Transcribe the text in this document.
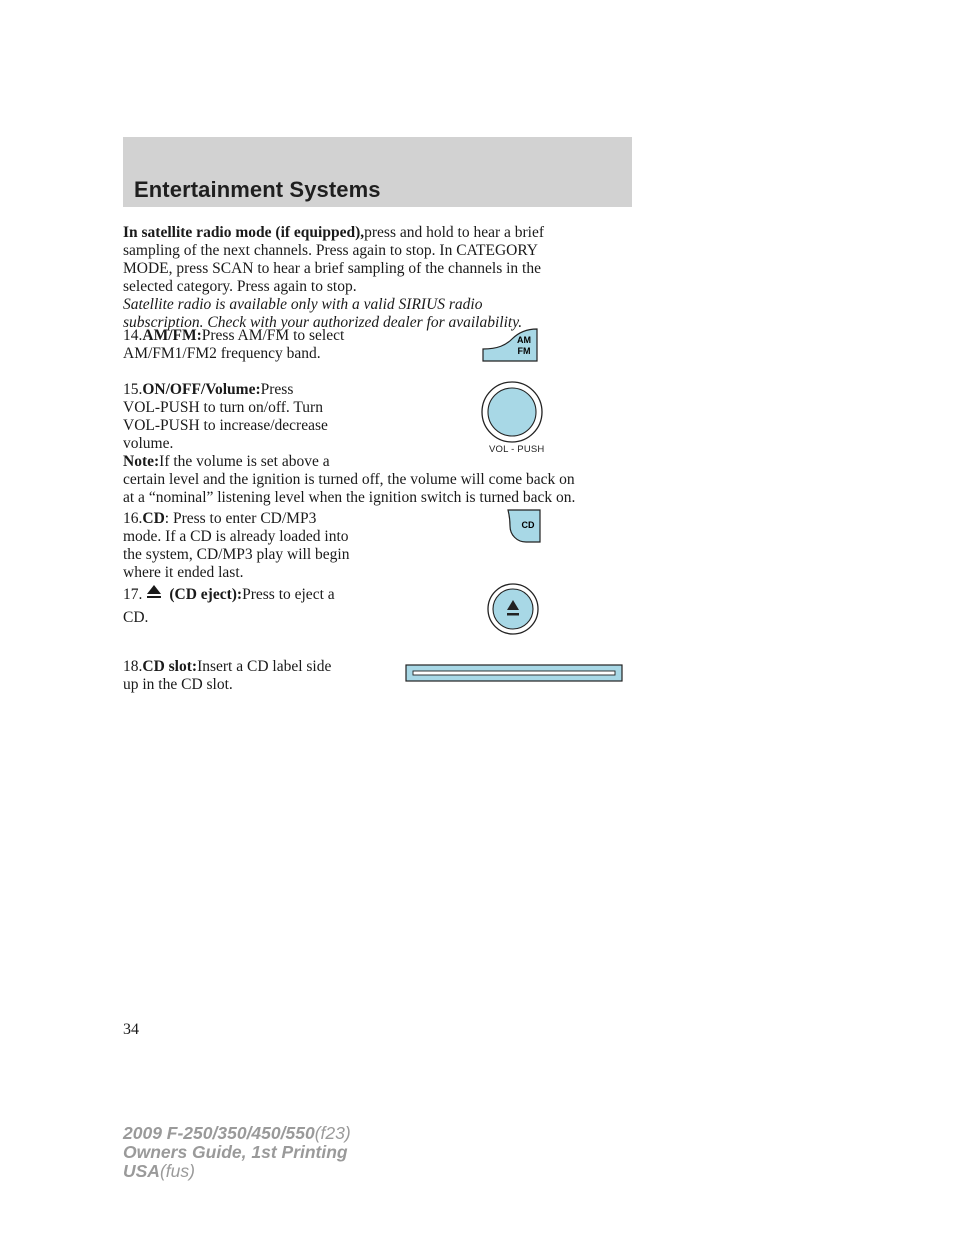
Entertainment Systems
In satellite radio mode (if equipped),press and hold to hear a brief
sampling of the next channels. Press again to stop. In CATEGORY
MODE, press SCAN to hear a brief sampling of the channels in the
selected category. Press again to stop.
Satellite radio is available only with a valid SIRIUS radio
subscription. Check with your authorized dealer for availability.
14.AM/FM:Press AM/FM to select
AM/FM1/FM2 frequency band.
AM
FM
15.ON/OFF/Volume:Press
VOL-PUSH to turn on/off. Turn
VOL-PUSH to increase/decrease
volume.	VOL - PUSH
Note:If the volume is set above a
certain level and the ignition is turned off, the volume will come back on
at a “nominal” listening level when the ignition switch is turned back on.
16.CD: Press to enter CD/MP3
mode. If a CD is already loaded into
the system, CD/MP3 play will begin
where it ended last.
CD
17. (CD eject):Press to eject a
CD.
18.CD slot:Insert a CD label side
up in the CD slot.
34
2009 F-250/350/450/550(f23)
Owners Guide, 1st Printing
USA(fus)
